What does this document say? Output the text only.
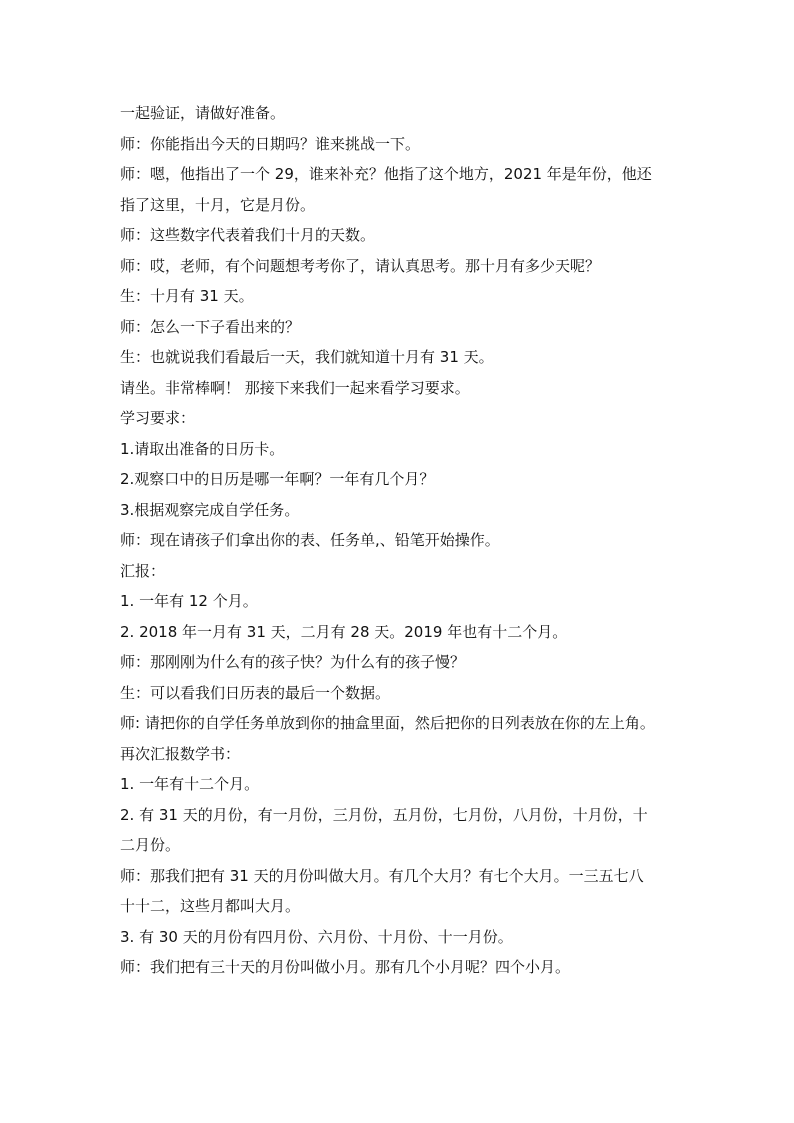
一起验证，请做好准备。
师：你能指出今天的日期吗？谁来挑战一下。
师：嗯，他指出了一个 29，谁来补充？他指了这个地方，2021 年是年份，他还
指了这里，十月，它是月份。
师：这些数字代表着我们十月的天数。
师：哎，老师，有个问题想考考你了，请认真思考。那十月有多少天呢？
生：十月有 31 天。
师：怎么一下子看出来的？
生：也就说我们看最后一天，我们就知道十月有 31 天。
请坐。非常棒啊！ 那接下来我们一起来看学习要求。
学习要求：
1.请取出准备的日历卡。
2.观察口中的日历是哪一年啊？一年有几个月？
3.根据观察完成自学任务。
师：现在请孩子们拿出你的表、任务单,、铅笔开始操作。
汇报：
1. 一年有 12 个月。
2. 2018 年一月有 31 天，二月有 28 天。2019 年也有十二个月。
师：那刚刚为什么有的孩子快？为什么有的孩子慢？
生：可以看我们日历表的最后一个数据。
师: 请把你的自学任务单放到你的抽盒里面，然后把你的日列表放在你的左上角。
再次汇报数学书：
1. 一年有十二个月。
2. 有 31 天的月份，有一月份，三月份，五月份，七月份，八月份，十月份，十
二月份。
师：那我们把有 31 天的月份叫做大月。有几个大月？有七个大月。一三五七八
十十二，这些月都叫大月。
3. 有 30 天的月份有四月份、六月份、十月份、十一月份。
师：我们把有三十天的月份叫做小月。那有几个小月呢？四个小月。
